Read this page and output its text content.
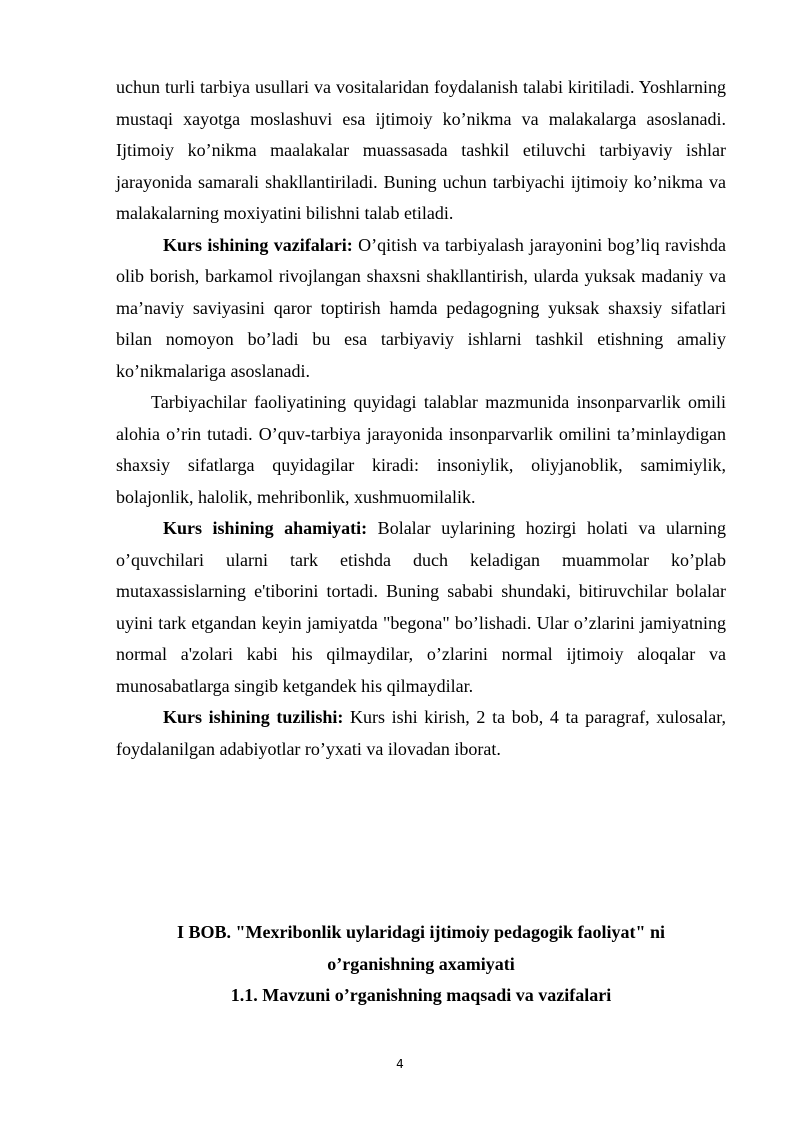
uchun turli tarbiya usullari va vositalaridan foydalanish talabi kiritiladi. Yoshlarning mustaqi xayotga moslashuvi esa ijtimoiy ko’nikma va malakalarga asoslanadi. Ijtimoiy ko’nikma maalakalar muassasada tashkil etiluvchi tarbiyaviy ishlar jarayonida samarali shakllantiriladi. Buning uchun tarbiyachi ijtimoiy ko’nikma va malakalarning moxiyatini bilishni talab etiladi.

Kurs ishining vazifalari: O’qitish va tarbiyalash jarayonini bog’liq ravishda olib borish, barkamol rivojlangan shaxsni shakllantirish, ularda yuksak madaniy va ma’naviy saviyasini qaror toptirish hamda pedagogning yuksak shaxsiy sifatlari bilan nomoyon bo’ladi bu esa tarbiyaviy ishlarni tashkil etishning amaliy ko’nikmalariga asoslanadi.

Tarbiyachilar faoliyatining quyidagi talablar mazmunida insonparvarlik omili alohia o’rin tutadi. O’quv-tarbiya jarayonida insonparvarlik omilini ta’minlaydigan shaxsiy sifatlarga quyidagilar kiradi: insoniylik, oliyjanoblik, samimiylik, bolajonlik, halolik, mehribonlik, xushmuomilalik.

Kurs ishining ahamiyati: Bolalar uylarining hozirgi holati va ularning o’quvchilari ularni tark etishda duch keladigan muammolar ko’plab mutaxassislarning e'tiborini tortadi. Buning sababi shundaki, bitiruvchilar bolalar uyini tark etgandan keyin jamiyatda "begona" bo’lishadi. Ular o’zlarini jamiyatning normal a'zolari kabi his qilmaydilar, o’zlarini normal ijtimoiy aloqalar va munosabatlarga singib ketgandek his qilmaydilar.

Kurs ishining tuzilishi: Kurs ishi kirish, 2 ta bob, 4 ta paragraf, xulosalar, foydalanilgan adabiyotlar ro’yxati va ilovadan iborat.

I BOB. "Mexribonlik uylaridagi ijtimoiy pedagogik faoliyat" ni
o’rganishning axamiyati
1.1. Mavzuni o’rganishning maqsadi va vazifalari
4
